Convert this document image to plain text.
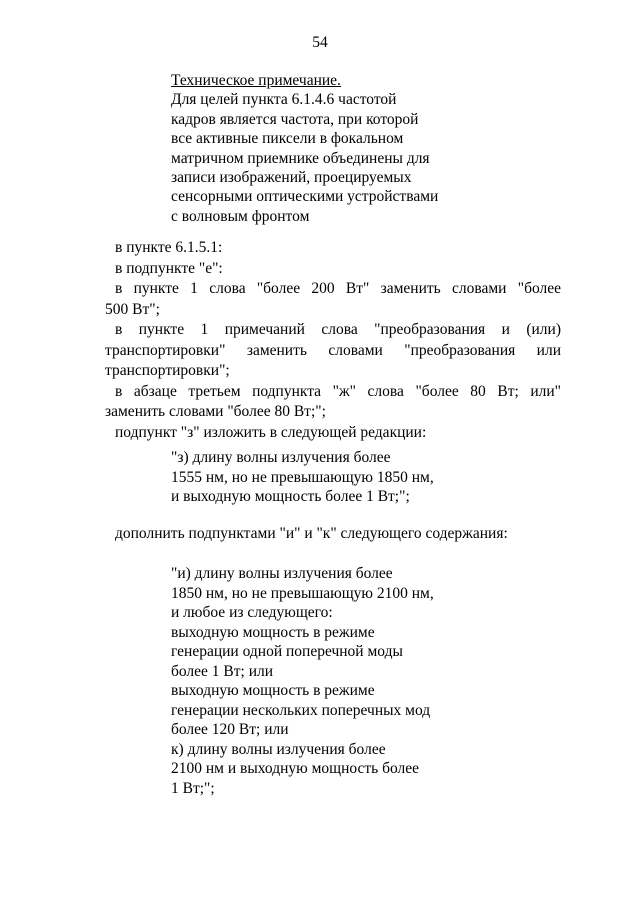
54
Техническое примечание.
Для целей пункта 6.1.4.6 частотой
кадров является частота, при которой
все активные пиксели в фокальном
матричном приемнике объединены для
записи изображений, проецируемых
сенсорными оптическими устройствами
с волновым фронтом
в пункте 6.1.5.1:
в подпункте "е":
в пункте 1 слова "более 200 Вт" заменить словами "более
500 Вт";
в пункте 1 примечаний слова "преобразования и (или)
транспортировки" заменить словами "преобразования или
транспортировки";
в абзаце третьем подпункта "ж" слова "более 80 Вт; или"
заменить словами "более 80 Вт;";
подпункт "з" изложить в следующей редакции:
"з) длину волны излучения более
1555 нм, но не превышающую 1850 нм,
и выходную мощность более 1 Вт;";
дополнить подпунктами "и" и "к" следующего содержания:
"и) длину волны излучения более
1850 нм, но не превышающую 2100 нм,
и любое из следующего:
выходную мощность в режиме
генерации одной поперечной моды
более 1 Вт; или
выходную мощность в режиме
генерации нескольких поперечных мод
более 120 Вт; или
к) длину волны излучения более
2100 нм и выходную мощность более
1 Вт;";
